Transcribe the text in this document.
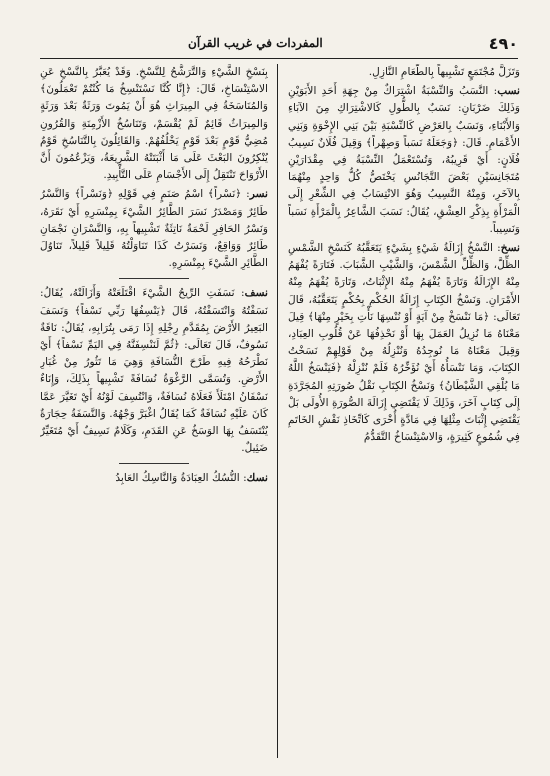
٤٩٠
المفردات في غريب القرآن

وَتَزَلَّ مُجْتَمَعٍ تَشْبِيهاً بِالطَّعَامِ النَّازِلِ.

نسب: النَّسَبُ وَالنِّسْبَةُ اشْتِرَاكٌ مِنْ جِهَةِ أَحَدِ الأَبَوَيْنِ وَذَلِكَ ضَرْبَانِ: نَسَبٌ بِالطُّولِ كَالاشْتِرَاكِ مِنَ الآبَاءِ وَالأَبْنَاءِ، وَنَسَبٌ بِالعَرْضِ كَالنِّسْبَةِ بَيْنَ بَنِي الإِخْوَةِ وَبَنِي الأَعْمَامِ. قَالَ: ﴿وَجَعَلَهُ نَسَباً وَصِهْراً﴾ وَقِيلَ فُلَانٌ نَسِيبُ فُلَانٍ: أَيْ قَرِيبُهُ، وَتُسْتَعْمَلُ النِّسْبَةُ فِي مِقْدَارَيْنِ مُتَجَانِسَيْنِ بَعْضَ التَّجَانُسِ يَخْتَصُّ كُلُّ وَاحِدٍ مِنْهُمَا بِالآخَرِ، وَمِنْهُ النَّسِيبُ وَهُوَ الانْتِسَابُ فِي الشِّعْرِ إِلَى الْمَرْأَةِ بِذِكْرِ العِشْقِ، يُقَالُ: نَسَبَ الشَّاعِرُ بِالْمَرْأَةِ نَسَباً وَنَسِيباً.

نسخ: النَّسْخُ إِزَالَةُ شَيْءٍ بِشَيْءٍ يَتَعَقَّبُهُ كَنَسْخِ الشَّمْسِ الظِّلَّ، وَالظِّلِّ الشَّمْسَ، وَالشَّيْبِ الشَّبَابَ. فَتَارَةً يُفْهَمُ مِنْهُ الإِزَالَةُ وَتَارَةً يُفْهَمُ مِنْهُ الإِثْبَاتُ، وَتَارَةً يُفْهَمُ مِنْهُ الأَمْرَانِ. وَنَسْخُ الكِتَابِ إِزَالَةُ الحُكْمِ بِحُكْمٍ يَتَعَقَّبُهُ، قَالَ تَعَالَى: ﴿مَا نَنْسَخْ مِنْ آيَةٍ أَوْ نُنْسِهَا نَأْتِ بِخَيْرٍ مِنْهَا﴾ قِيلَ مَعْنَاهُ مَا نُزِيلُ العَمَلَ بِهَا أَوْ نَحْذِفُهَا عَنْ قُلُوبِ العِبَادِ، وَقِيلَ مَعْنَاهُ مَا نُوجِدُهُ وَنُنْزِلُهُ مِنْ قَوْلِهِمْ نَسَخْتُ الكِتَابَ، وَمَا نَنْسَأُهُ أَيْ نُؤَخِّرُهُ فَلَمْ نُنْزِلْهُ ﴿فَيَنْسَخُ اللَّهُ مَا يُلْقِي الشَّيْطَانُ﴾ وَنَسْخُ الكِتَابِ نَقْلُ صُورَتِهِ المُجَرَّدَةِ إِلَى كِتَابٍ آخَرَ، وَذَلِكَ لَا يَقْتَضِي إِزَالَةَ الصُّورَةِ الأُولَى بَلْ يَقْتَضِي إِثْبَاتَ مِثْلِهَا فِي مَادَّةٍ أُخْرَى كَاتِّخَاذِ نَقْشِ الخَاتَمِ فِي شُمُوعٍ كَثِيرَةٍ، وَالاسْتِنْسَاخُ التَّقَدُّمُ

بِنَسْخِ الشَّيْءِ وَالتَّرَشُّحُ لِلنَّسْخِ. وَقَدْ يُعَبَّرُ بِالنَّسْخِ عَنِ الاسْتِنْسَاخِ، قَالَ: ﴿إِنَّا كُنَّا نَسْتَنْسِخُ مَا كُنْتُمْ تَعْمَلُونَ﴾ وَالمُنَاسَخَةُ فِي المِيرَاثِ هُوَ أَنْ يَمُوتَ وَرَثَةٌ بَعْدَ وَرَثَةٍ وَالمِيرَاثُ قَائِمٌ لَمْ يُقْسَمْ، وَتَنَاسُخُ الأَزْمِنَةِ وَالقُرُونِ مُضِيُّ قَوْمٍ بَعْدَ قَوْمٍ يَخْلُفُهُمْ. وَالقَائِلُونَ بِالتَّنَاسُخِ قَوْمٌ يُنْكِرُونَ البَعْثَ عَلَى مَا أَثْبَتَتْهُ الشَّرِيعَةُ، وَيَزْعُمُونَ أَنَّ الأَرْوَاحَ تَنْتَقِلُ إِلَى الأَجْسَامِ عَلَى التَّأْبِيدِ.

نسر: ﴿نَسْراً﴾ اسْمُ صَنَمٍ فِي قَوْلِهِ ﴿وَنَسْراً﴾ وَالنَّسْرُ طَائِرٌ وَمَصْدَرُ نَسَرَ الطَّائِرُ الشَّيْءَ بِمِنْسَرِهِ أَيْ نَقَرَهُ، وَنَسْرُ الحَافِرِ لَحْمَةٌ نَاتِئَةٌ تَشْبِيهاً بِهِ، وَالنَّسْرَانِ نَجْمَانِ طَائِرٌ وَوَاقِعٌ، وَنَسَرْتُ كَذَا تَنَاوَلْتُهُ قَلِيلاً قَلِيلاً، تَنَاوُلَ الطَّائِرِ الشَّيْءَ بِمِنْسَرِهِ.

نسف: نَسَفَتِ الرِّيحُ الشَّيْءَ اقْتَلَعَتْهُ وَأَزَالَتْهُ، يُقَالُ: نَسَفْتُهُ وَانْتَسَفْتُهُ، قَالَ ﴿يَنْسِفُهَا رَبِّي نَسْفاً﴾ وَنَسَفَ البَعِيرُ الأَرْضَ بِمُقَدَّمِ رِجْلِهِ إِذَا رَمَى بِتُرَابِهِ، يُقَالُ: نَاقَةٌ نَسُوفٌ، قَالَ تَعَالَى: ﴿ثُمَّ لَنَنْسِفَنَّهُ فِي اليَمِّ نَسْفاً﴾ أَيْ نَطْرَحُهُ فِيهِ طَرْحَ النُّسَافَةِ وَهِيَ مَا تَثُورُ مِنْ غُبَارِ الأَرْضِ. وَتُسَمَّى الرَّغْوَةُ نُسَافَةً تَشْبِيهاً بِذَلِكَ، وَإِنَاءٌ نَسْفَانُ امْتَلَأَ فَعَلَاهُ نُسَافَةٌ، وَانْتُسِفَ لَوْنُهُ أَيْ تَغَيَّرَ عَمَّا كَانَ عَلَيْهِ نُسَافَةٌ كَمَا يُقَالُ اغْبَرَّ وَجْهُهُ. وَالنَّسَفَةُ حِجَارَةٌ يُنْتَسَفُ بِهَا الوَسَخُ عَنِ القَدَمِ، وَكَلَامٌ نَسِيفٌ أَيْ مُتَغَيِّرٌ ضَئِيلٌ.

نسك: النُّسُكُ العِبَادَةُ وَالنَّاسِكُ العَابِدُ
